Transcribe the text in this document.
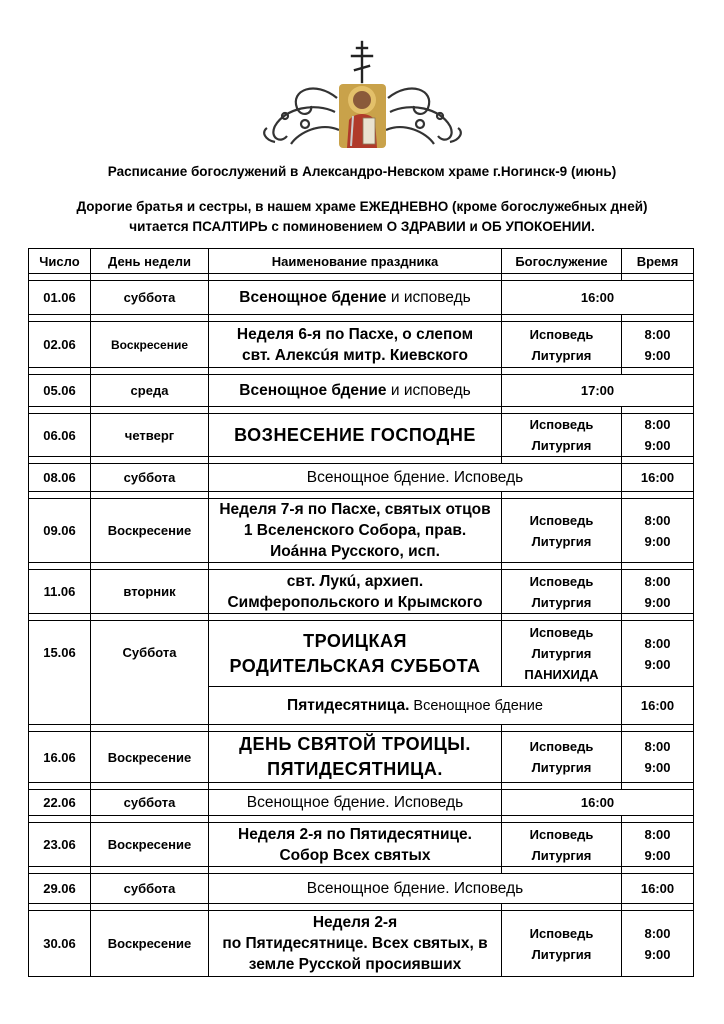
Расписание богослужений в Александро-Невском храме г.Ногинск-9 (июнь)
Дорогие братья и сестры, в нашем храме ЕЖЕДНЕВНО (кроме богослужебных дней)
читается ПСАЛТИРЬ с поминовением О ЗДРАВИИ и ОБ УПОКОЕНИИ.
Число	День недели	Наименование праздника	Богослужение	Время

01.06	суббота	Всенощное бдение и исповедь	16:00	

02.06	Воскресение	Неделя 6-я по Пасхе, о слепом
свт. Алексúя митр. Киевского	Исповедь
Литургия	8:00
9:00

05.06	среда	Всенощное бдение и исповедь	17:00	

06.06	четверг	ВОЗНЕСЕНИЕ ГОСПОДНЕ	Исповедь
Литургия	8:00
9:00

08.06	суббота	Всенощное бдение. Исповедь		16:00

09.06	Воскресение	Неделя 7-я по Пасхе, святых отцов
1 Вселенского Собора, прав.
Иоáнна Русского, исп.	Исповедь
Литургия	8:00
9:00

11.06	вторник	свт. Лукú, архиеп.
Симферопольского и Крымского	Исповедь
Литургия	8:00
9:00

15.06	Суббота	ТРОИЦКАЯ
РОДИТЕЛЬСКАЯ СУББОТА	Исповедь
Литургия
ПАНИХИДА	8:00
9:00

		Пятидесятница. Всенощное бдение		16:00

16.06	Воскресение	ДЕНЬ СВЯТОЙ ТРОИЦЫ.
ПЯТИДЕСЯТНИЦА.	Исповедь
Литургия	8:00
9:00

22.06	суббота	Всенощное бдение. Исповедь	16:00	

23.06	Воскресение	Неделя 2-я по Пятидесятнице.
Собор Всех святых	Исповедь
Литургия	8:00
9:00

29.06	суббота	Всенощное бдение. Исповедь		16:00

30.06	Воскресение	Неделя 2-я
по Пятидесятнице. Всех святых, в
земле Русской просиявших	Исповедь
Литургия	8:00
9:00
